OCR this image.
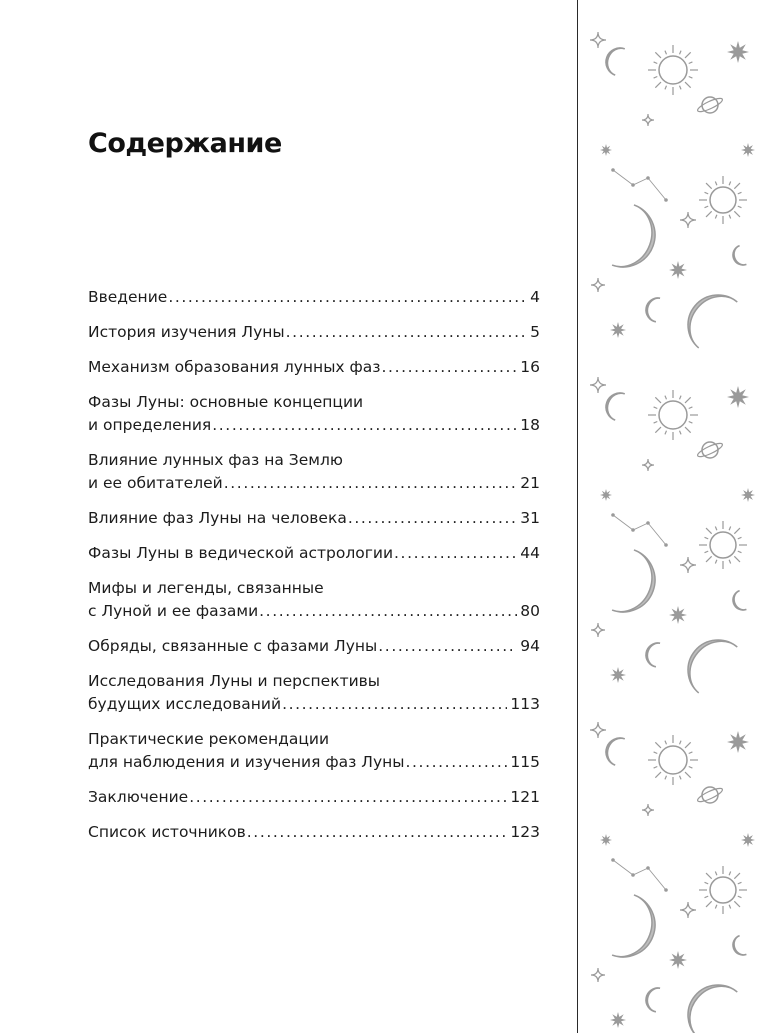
Содержание
Введение .....	4
История изучения Луны .....	5
Механизм образования лунных фаз .....	16
Фазы Луны: основные концепции
и определения .....	18
Влияние лунных фаз на Землю
и ее обитателей .....	21
Влияние фаз Луны на человека .....	31
Фазы Луны в ведической астрологии .....	44
Мифы и легенды, связанные
с Луной и ее фазами .....	80
Обряды, связанные с фазами Луны .....	94
Исследования Луны и перспективы
будущих исследований .....	113
Практические рекомендации
для наблюдения и изучения фаз Луны .....	115
Заключение .....	121
Список источников .....	123
